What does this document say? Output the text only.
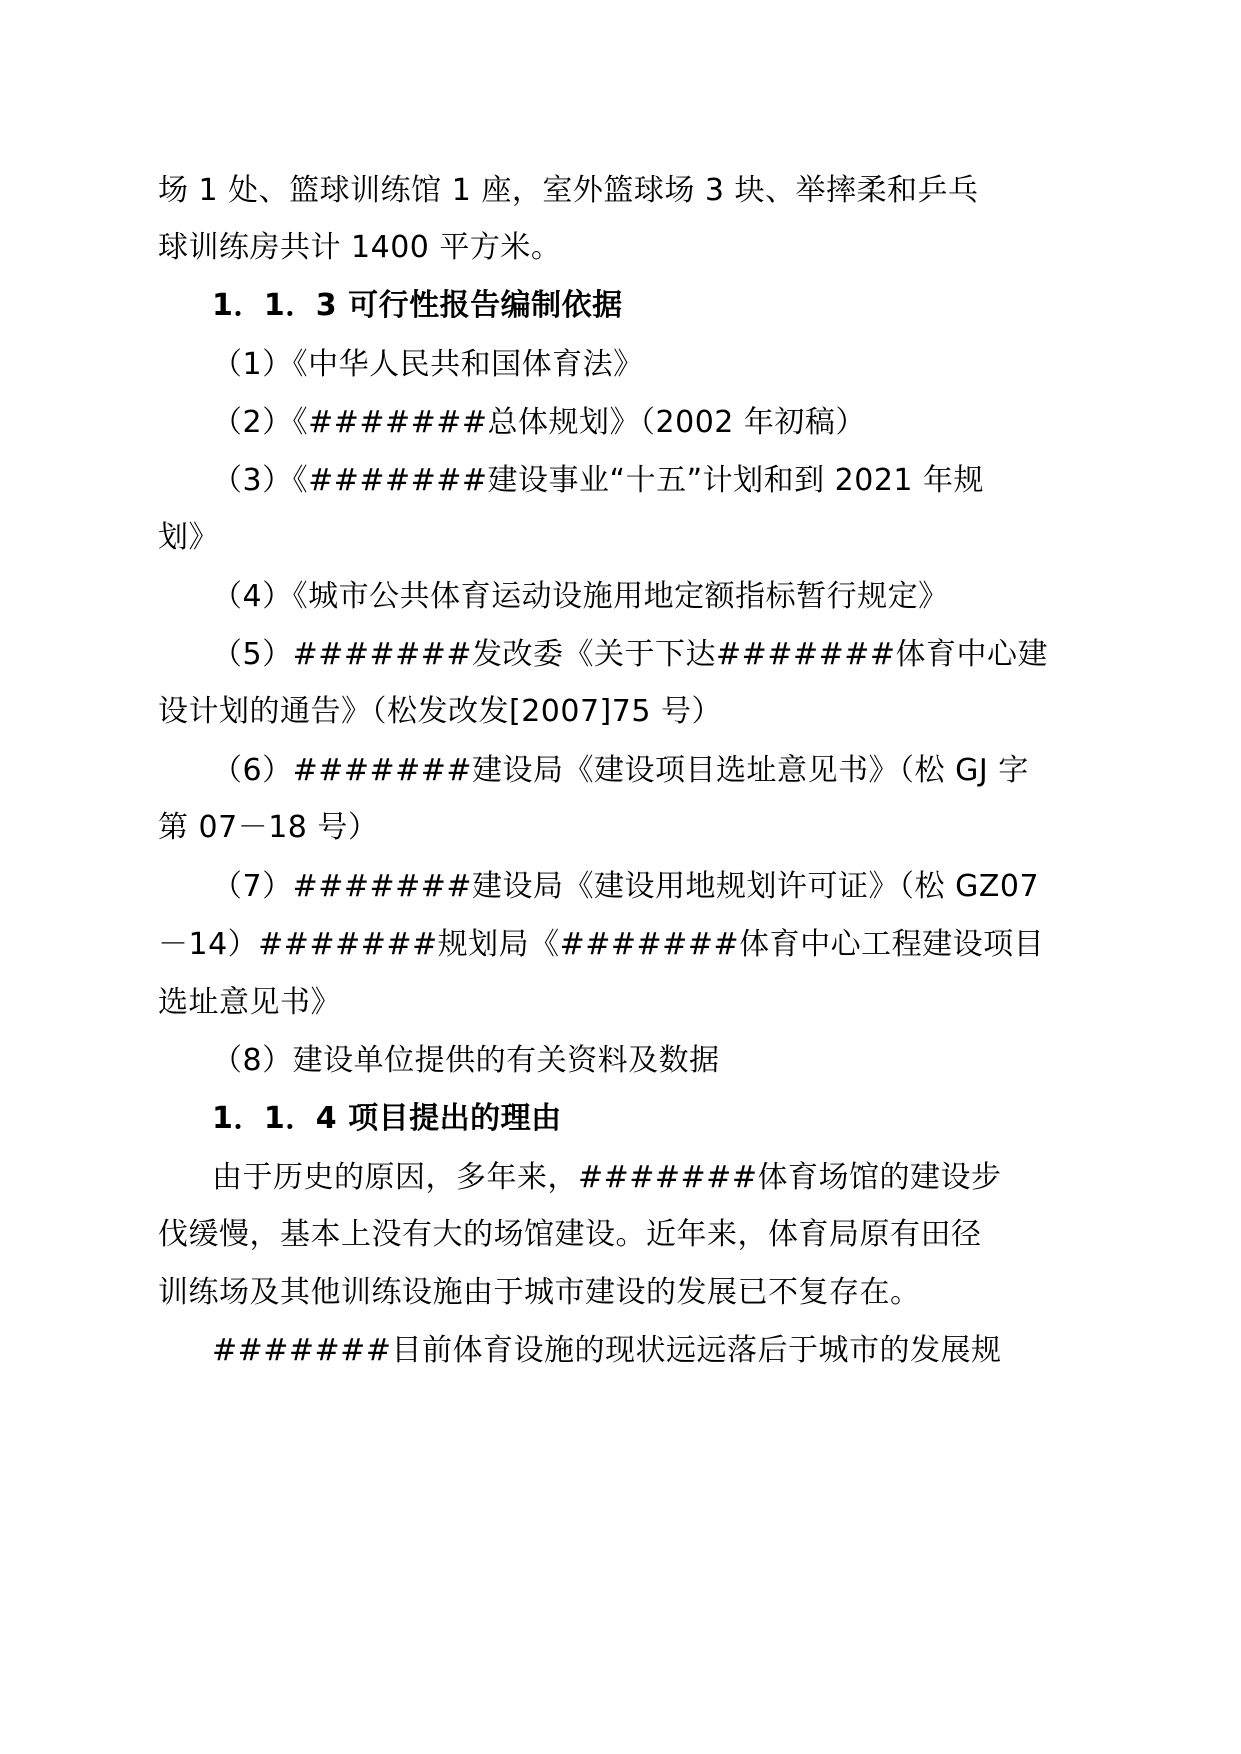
场 1 处、篮球训练馆 1 座，室外篮球场 3 块、举摔柔和乒乓
球训练房共计 1400 平方米。
1．1．3 可行性报告编制依据
（1）《中华人民共和国体育法》
（2）《#######总体规划》（2002 年初稿）
（3）《#######建设事业“十五”计划和到 2021 年规
划》
（4）《城市公共体育运动设施用地定额指标暂行规定》
（5）#######发改委《关于下达#######体育中心建
设计划的通告》（松发改发[2007]75 号）
（6）#######建设局《建设项目选址意见书》（松 GJ 字
第 07－18 号）
（7）#######建设局《建设用地规划许可证》（松 GZ07
－14）#######规划局《#######体育中心工程建设项目
选址意见书》
（8）建设单位提供的有关资料及数据
1．1．4 项目提出的理由
由于历史的原因，多年来，#######体育场馆的建设步
伐缓慢，基本上没有大的场馆建设。近年来，体育局原有田径
训练场及其他训练设施由于城市建设的发展已不复存在。
#######目前体育设施的现状远远落后于城市的发展规
